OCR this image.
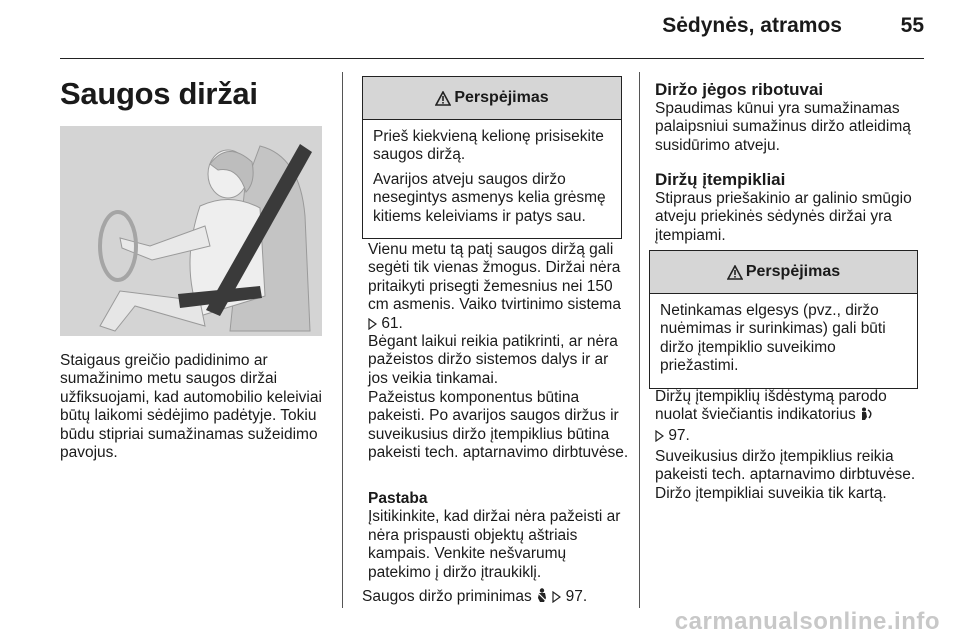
Sėdynės, atramos	55
Saugos diržai
Staigaus greičio padidinimo ar sumažinimo metu saugos diržai užfiksuojami, kad automobilio keleiviai būtų laikomi sėdėjimo padėtyje. Tokiu būdu stipriai sumažinamas sužeidimo pavojus.
Perspėjimas

Prieš kiekvieną kelionę prisisekite saugos diržą.

Avarijos atveju saugos diržo nesegintys asmenys kelia grėsmę kitiems keleiviams ir patys sau.

Vienu metu tą patį saugos diržą gali segėti tik vienas žmogus. Diržai nėra pritaikyti prisegti žemesnius nei 150 cm asmenis. Vaiko tvirtinimo sistema  61.
Bėgant laikui reikia patikrinti, ar nėra pažeistos diržo sistemos dalys ir ar jos veikia tinkamai.
Pažeistus komponentus būtina pakeisti. Po avarijos saugos diržus ir suveikusius diržo įtempiklius būtina pakeisti tech. aptarnavimo dirbtuvėse.
Pastaba
Įsitikinkite, kad diržai nėra pažeisti ar nėra prispausti objektų aštriais kampais. Venkite nešvarumų patekimo į diržo įtraukiklį.
Saugos diržo priminimas 97.
Diržo jėgos ribotuvai
Spaudimas kūnui yra sumažinamas palaipsniui sumažinus diržo atleidimą susidūrimo atveju.
Diržų įtempikliai
Stipraus priešakinio ar galinio smūgio atveju priekinės sėdynės diržai yra įtempiami.
Perspėjimas

Netinkamas elgesys (pvz., diržo nuėmimas ir surinkimas) gali būti diržo įtempiklio suveikimo priežastimi.

Diržų įtempiklių išdėstymą parodo nuolat šviečiantis indikatorius
97.
Suveikusius diržo įtempiklius reikia pakeisti tech. aptarnavimo dirbtuvėse. Diržo įtempikliai suveikia tik kartą.
carmanualsonline.info
